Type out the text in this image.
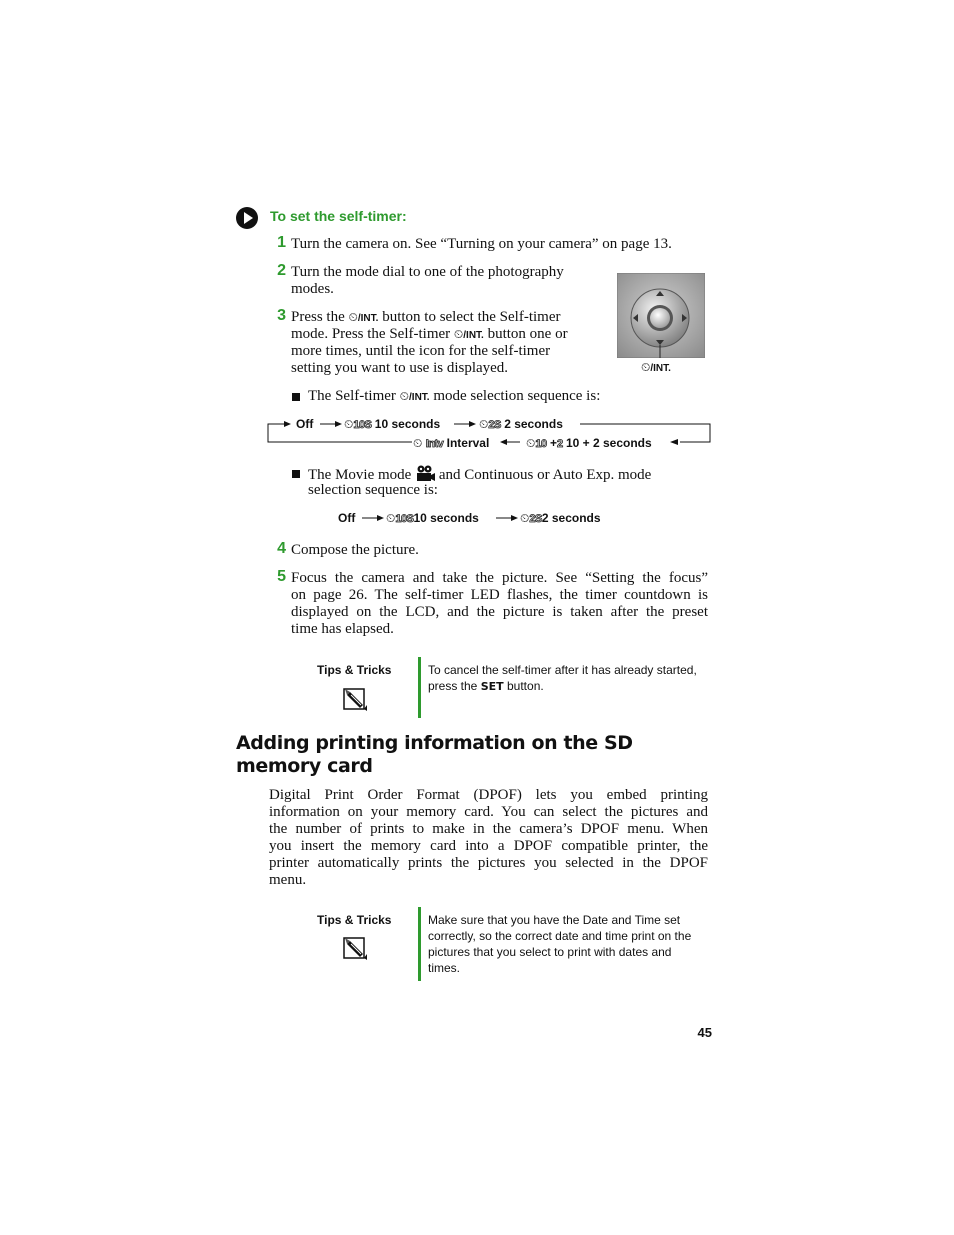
To set the self-timer:
1 Turn the camera on. See “Turning on your camera” on page 13.
2 Turn the mode dial to one of the photography
modes.
⏲/INT.
3 Press the ⏲/INT. button to select the Self-timer
mode. Press the Self-timer ⏲/INT. button one or
more times, until the icon for the self-timer
setting you want to use is displayed.
The Self-timer ⏲/INT. mode selection sequence is:
Off	⏲10S 10 seconds	⏲2S 2 seconds
⏲ Intv Interval	⏲10 +2 10 + 2 seconds
The Movie mode and Continuous or Auto Exp. mode
selection sequence is:
Off	⏲10S10 seconds	⏲2S2 seconds
4 Compose the picture.
5 Focus the camera and take the picture. See “Setting the focus”
on page 26. The self-timer LED flashes, the timer countdown is
displayed on the LCD, and the picture is taken after the preset
time has elapsed.
Tips & Tricks	To cancel the self-timer after it has already started,
press the SET button.
Adding printing information on the SD memory card
Digital Print Order Format (DPOF) lets you embed printing
information on your memory card. You can select the pictures and
the number of prints to make in the camera’s DPOF menu. When
you insert the memory card into a DPOF compatible printer, the
printer automatically prints the pictures you selected in the DPOF
menu.
Tips & Tricks	Make sure that you have the Date and Time set
correctly, so the correct date and time print on the
pictures that you select to print with dates and
times.
45
